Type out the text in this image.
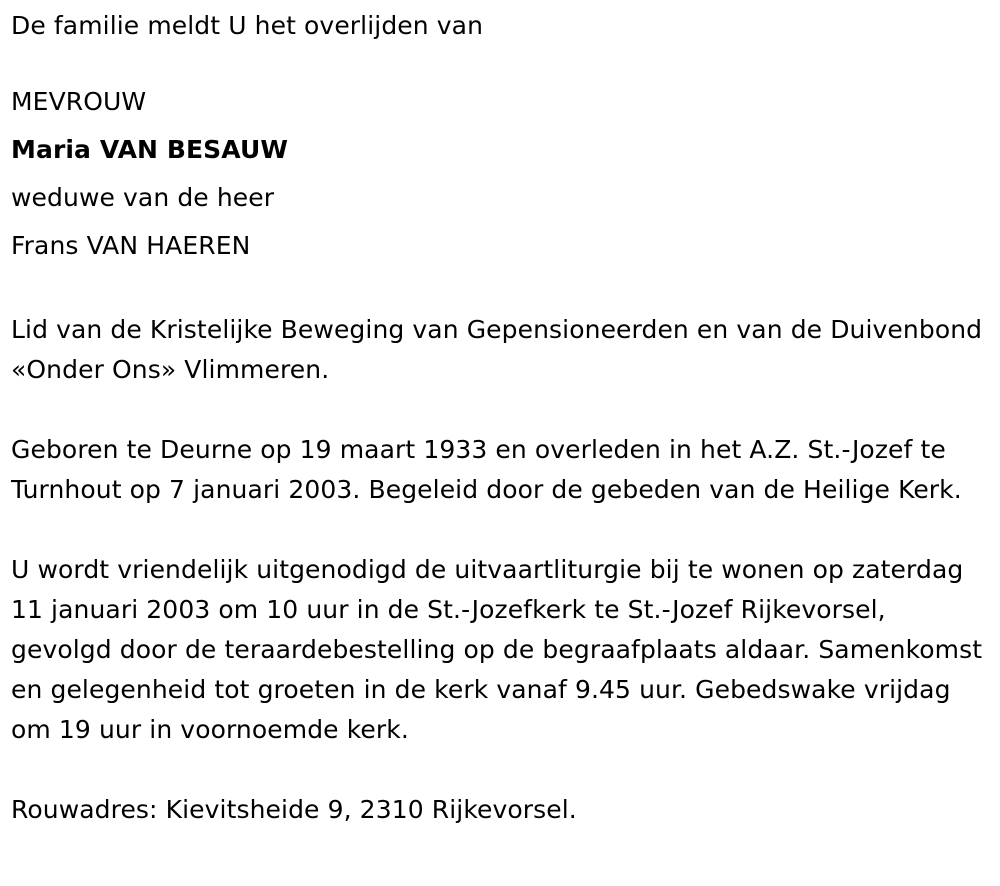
De familie meldt U het overlijden van

MEVROUW

Maria VAN BESAUW

weduwe van de heer

Frans VAN HAEREN

Lid van de Kristelijke Beweging van Gepensioneerden en van de Duivenbond «Onder Ons» Vlimmeren.

Geboren te Deurne op 19 maart 1933 en overleden in het A.Z. St.-Jozef te Turnhout op 7 januari 2003. Begeleid door de gebeden van de Heilige Kerk.

U wordt vriendelijk uitgenodigd de uitvaartliturgie bij te wonen op zaterdag 11 januari 2003 om 10 uur in de St.-Jozefkerk te St.-Jozef Rijkevorsel, gevolgd door de teraardebestelling op de begraafplaats aldaar. Samenkomst en gelegenheid tot groeten in de kerk vanaf 9.45 uur. Gebedswake vrijdag om 19 uur in voornoemde kerk.

Rouwadres: Kievitsheide 9, 2310 Rijkevorsel.
